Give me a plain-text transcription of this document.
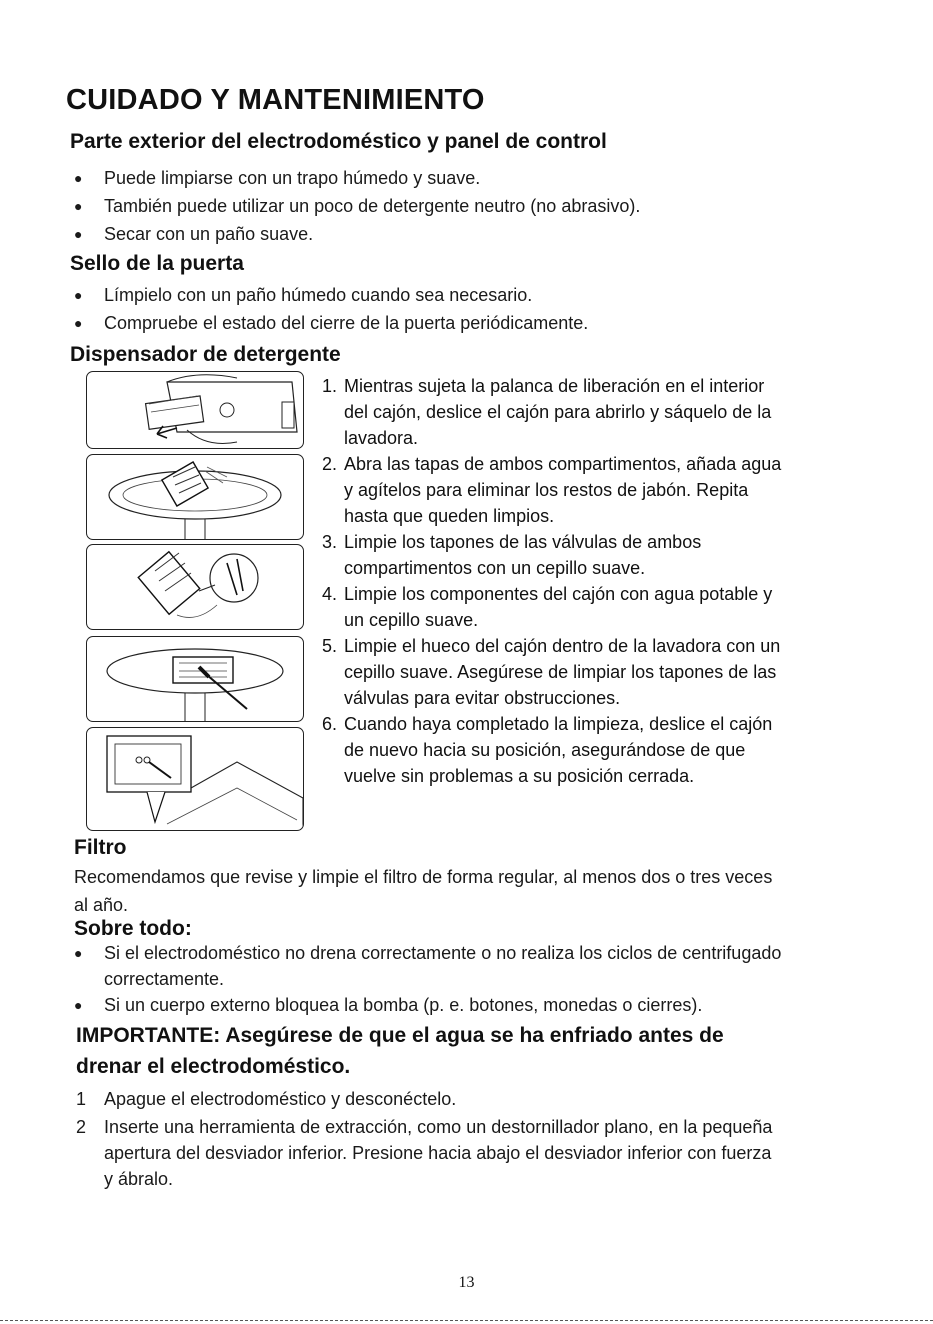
CUIDADO Y MANTENIMIENTO
Parte exterior del electrodoméstico y panel de control
● Puede limpiarse con un trapo húmedo y suave.
● También puede utilizar un poco de detergente neutro (no abrasivo).
● Secar con un paño suave.
Sello de la puerta
● Límpielo con un paño húmedo cuando sea necesario.
● Compruebe el estado del cierre de la puerta periódicamente.
Dispensador de detergente
1. Mientras sujeta la palanca de liberación en el interior del cajón, deslice el cajón para abrirlo y sáquelo de la lavadora.
2. Abra las tapas de ambos compartimentos, añada agua y agítelos para eliminar los restos de jabón. Repita hasta que queden limpios.
3. Limpie los tapones de las válvulas de ambos compartimentos con un cepillo suave.
4. Limpie los componentes del cajón con agua potable y un cepillo suave.
5. Limpie el hueco del cajón dentro de la lavadora con un cepillo suave. Asegúrese de limpiar los tapones de las válvulas para evitar obstrucciones.
6. Cuando haya completado la limpieza, deslice el cajón de nuevo hacia su posición, asegurándose de que vuelve sin problemas a su posición cerrada.
Filtro
Recomendamos que revise y limpie el filtro de forma regular, al menos dos o tres veces al año.
Sobre todo:
● Si el electrodoméstico no drena correctamente o no realiza los ciclos de centrifugado correctamente.
● Si un cuerpo externo bloquea la bomba (p. e. botones, monedas o cierres).
IMPORTANTE: Asegúrese de que el agua se ha enfriado antes de drenar el electrodoméstico.
1 Apague el electrodoméstico y desconéctelo.
2 Inserte una herramienta de extracción, como un destornillador plano, en la pequeña apertura del desviador inferior. Presione hacia abajo el desviador inferior con fuerza y ábralo.
13
